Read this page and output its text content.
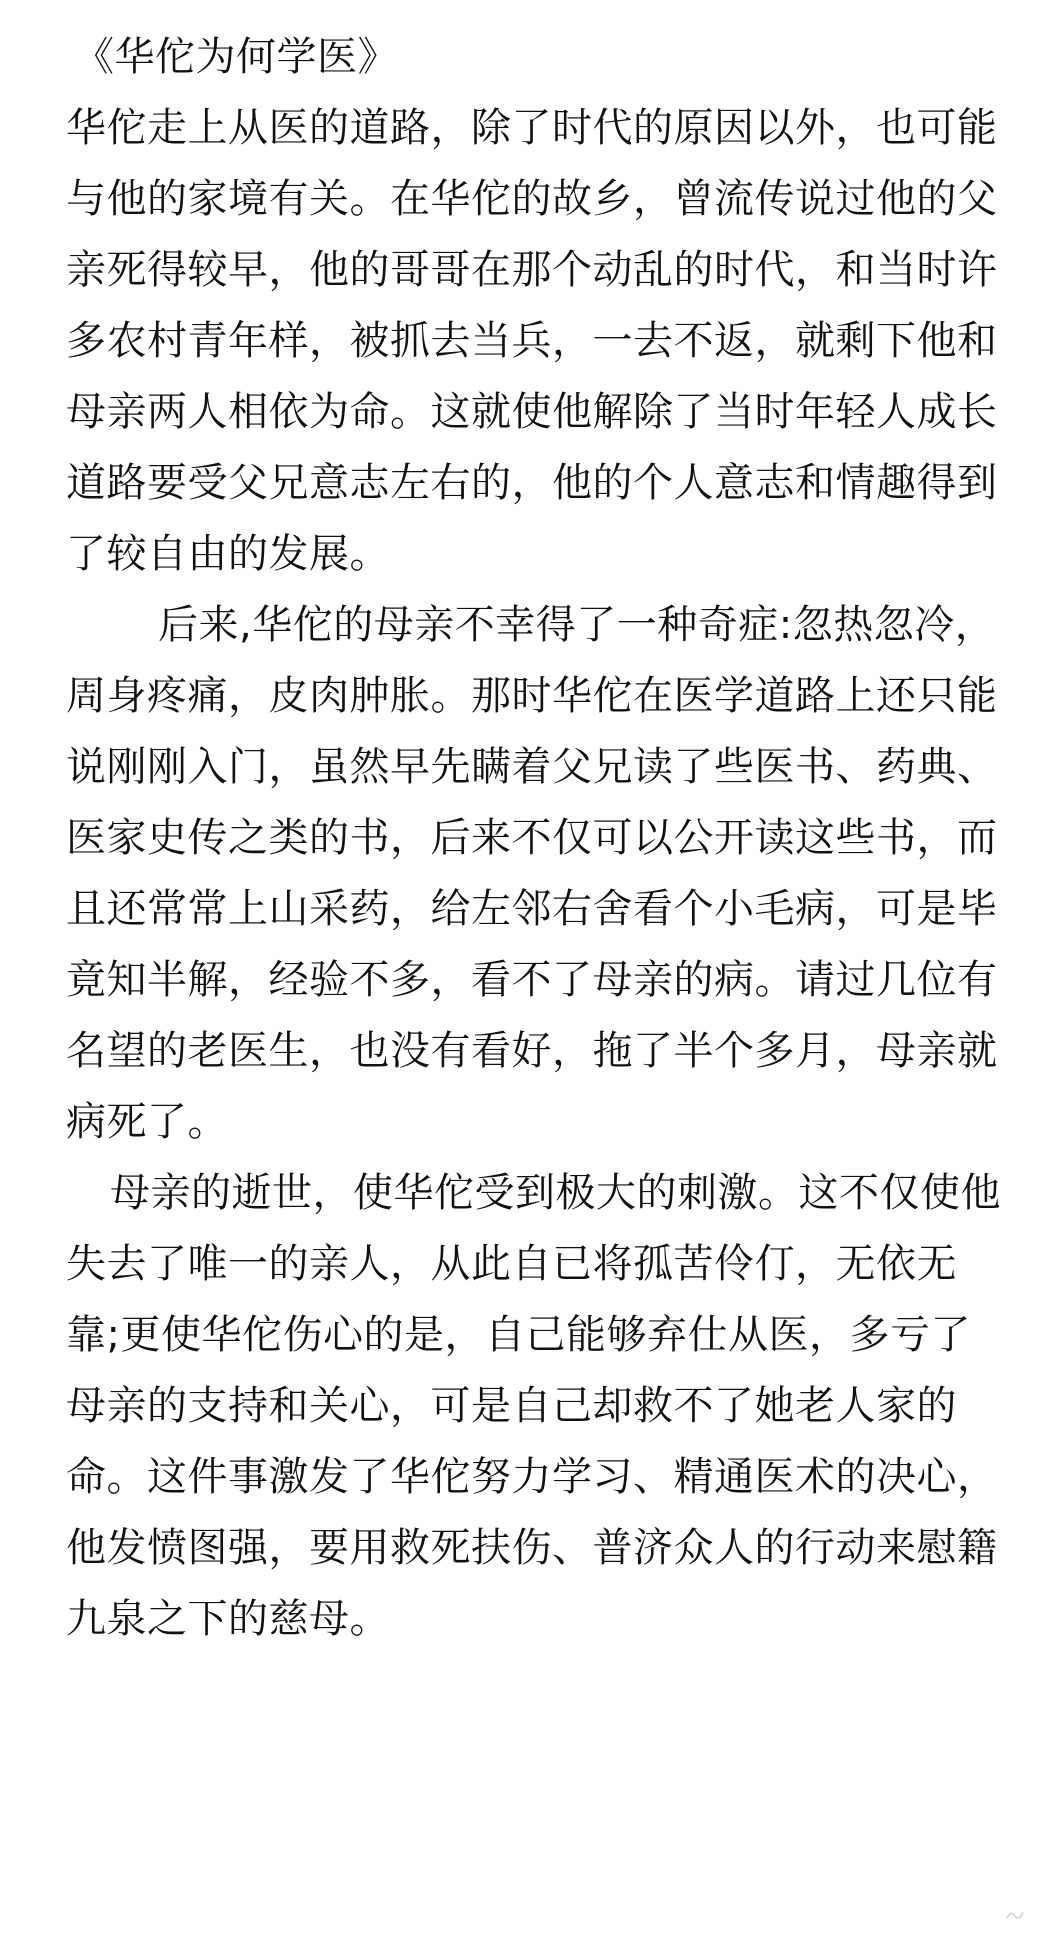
《华佗为何学医》

华佗走上从医的道路，除了时代的原因以外，也可能与他的家境有关。在华佗的故乡，曾流传说过他的父亲死得较早，他的哥哥在那个动乱的时代，和当时许多农村青年样，被抓去当兵，一去不返，就剩下他和母亲两人相依为命。这就使他解除了当时年轻人成长道路要受父兄意志左右的，他的个人意志和情趣得到了较自由的发展。

后来,华佗的母亲不幸得了一种奇症:忽热忽冷，周身疼痛，皮肉肿胀。那时华佗在医学道路上还只能说刚刚入门，虽然早先瞒着父兄读了些医书、药典、医家史传之类的书，后来不仅可以公开读这些书，而且还常常上山采药，给左邻右舍看个小毛病，可是毕竟知半解，经验不多，看不了母亲的病。请过几位有名望的老医生，也没有看好，拖了半个多月，母亲就病死了。

母亲的逝世，使华佗受到极大的刺激。这不仅使他失去了唯一的亲人，从此自已将孤苦伶仃，无依无靠;更使华佗伤心的是，自己能够弃仕从医，多亏了母亲的支持和关心，可是自己却救不了她老人家的命。这件事激发了华佗努力学习、精通医术的决心，他发愤图强，要用救死扶伤、普济众人的行动来慰籍九泉之下的慈母。
